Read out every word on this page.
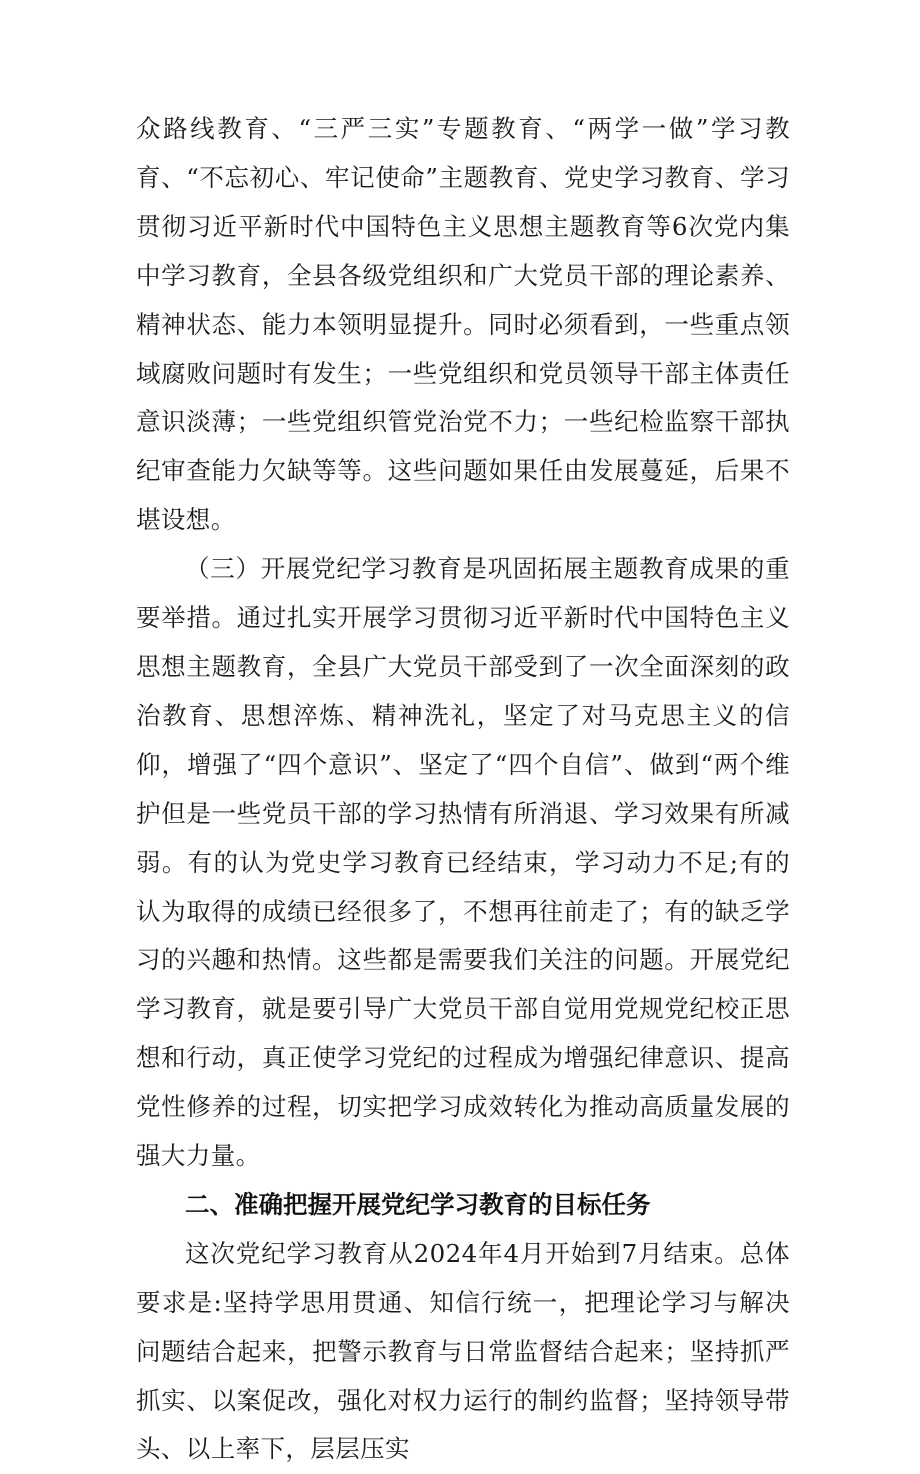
众路线教育、“三严三实”专题教育、“两学一做”学习教育、“不忘初心、牢记使命”主题教育、党史学习教育、学习贯彻习近平新时代中国特色主义思想主题教育等6次党内集中学习教育，全县各级党组织和广大党员干部的理论素养、精神状态、能力本领明显提升。同时必须看到，一些重点领域腐败问题时有发生；一些党组织和党员领导干部主体责任意识淡薄；一些党组织管党治党不力；一些纪检监察干部执纪审查能力欠缺等等。这些问题如果任由发展蔓延，后果不堪设想。

（三）开展党纪学习教育是巩固拓展主题教育成果的重要举措。通过扎实开展学习贯彻习近平新时代中国特色主义思想主题教育，全县广大党员干部受到了一次全面深刻的政治教育、思想淬炼、精神洗礼，坚定了对马克思主义的信仰，增强了“四个意识”、坚定了“四个自信”、做到“两个维护但是一些党员干部的学习热情有所消退、学习效果有所减弱。有的认为党史学习教育已经结束，学习动力不足;有的认为取得的成绩已经很多了，不想再往前走了；有的缺乏学习的兴趣和热情。这些都是需要我们关注的问题。开展党纪学习教育，就是要引导广大党员干部自觉用党规党纪校正思想和行动，真正使学习党纪的过程成为增强纪律意识、提高党性修养的过程，切实把学习成效转化为推动高质量发展的强大力量。

二、准确把握开展党纪学习教育的目标任务

这次党纪学习教育从2024年4月开始到7月结束。总体要求是:坚持学思用贯通、知信行统一，把理论学习与解决问题结合起来，把警示教育与日常监督结合起来；坚持抓严抓实、以案促改，强化对权力运行的制约监督；坚持领导带头、以上率下，层层压实
